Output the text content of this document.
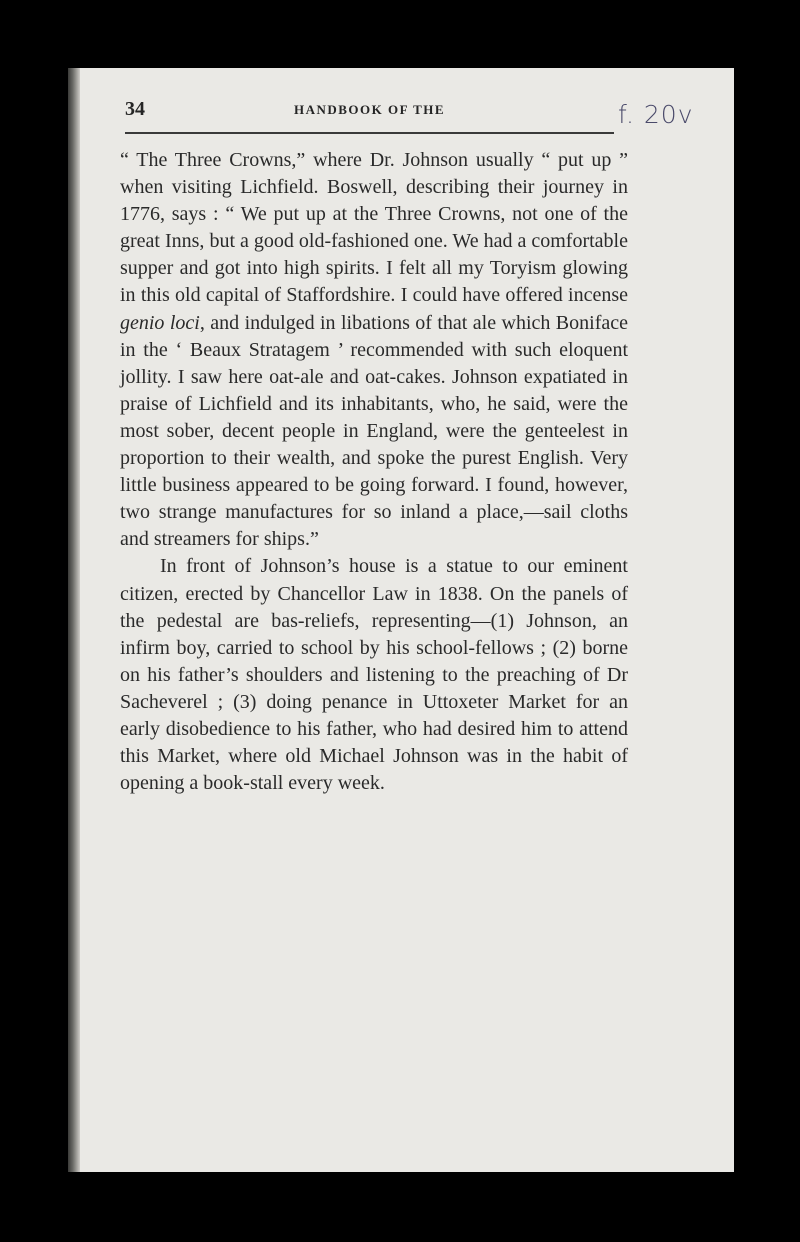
f. 20v
34	HANDBOOK OF THE

“ The Three Crowns,” where Dr. Johnson usually “ put up ” when visiting Lichfield. Boswell, describing their journey in 1776, says : “ We put up at the Three Crowns, not one of the great Inns, but a good old-fashioned one. We had a comfortable supper and got into high spirits. I felt all my Toryism glowing in this old capital of Staffordshire. I could have offered incense genio loci, and indulged in libations of that ale which Boniface in the ‘ Beaux Stratagem ’ recommended with such eloquent jollity. I saw here oat-ale and oat-cakes. Johnson expatiated in praise of Lichfield and its inhabitants, who, he said, were the most sober, decent people in England, were the genteelest in proportion to their wealth, and spoke the purest English. Very little business appeared to be going forward. I found, however, two strange manufactures for so inland a place,—sail cloths and streamers for ships.”

In front of Johnson’s house is a statue to our eminent citizen, erected by Chancellor Law in 1838. On the panels of the pedestal are bas-reliefs, representing—(1) Johnson, an infirm boy, carried to school by his school-fellows ; (2) borne on his father’s shoulders and listening to the preaching of Dr Sacheverel ; (3) doing penance in Uttoxeter Market for an early disobedience to his father, who had desired him to attend this Market, where old Michael Johnson was in the habit of opening a book-stall every week.
